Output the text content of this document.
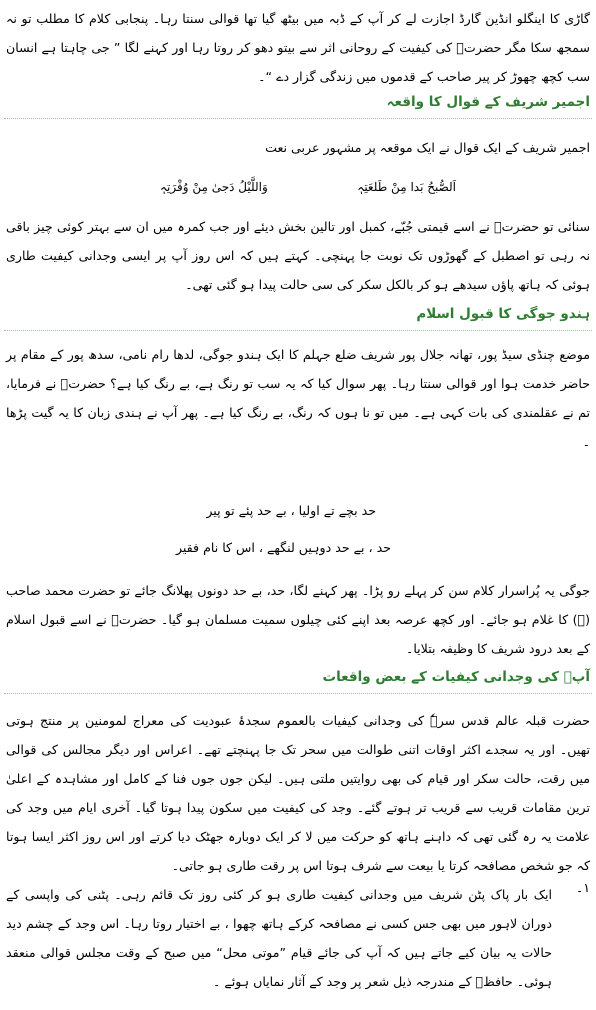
گاڑی کا اینگلو انڈین گارڈ اجازت لے کر آپ کے ڈبہ میں بیٹھ گیا تھا قوالی سنتا رہا۔ پنجابی کلام کا مطلب تو نہ سمجھ سکا مگر حضرتؒ کی کیفیت کے روحانی اثر سے بیتو دھو کر روتا رہا اور کہنے لگا ” جی چاہتا ہے انسان سب کچھ چھوڑ کر پیر صاحب کے قدموں میں زندگی گزار دے “۔

اجمیر شریف کے قوال کا واقعہ
اجمیر شریف کے ایک قوال نے ایک موقعہ پر مشہور عربی نعت
اَلصُّبحُ بَدا مِنْ طَلعَتِہٖ
وَاللَّیْلُ دَجیٰ مِنْ وُفْرَتِہٖ

سنائی تو حضرتؒ نے اسے قیمتی جُبّے، کمبل اور تالین بخش دیئے اور جب کمرہ میں ان سے بہتر کوئی چیز باقی نہ رہی تو اصطبل کے گھوڑوں تک نوبت جا پہنچی۔ کہتے ہیں کہ اس روز آپ پر ایسی وجدانی کیفیت طاری ہوئی کہ ہاتھ پاؤں سیدھے ہو کر بالکل سکر کی سی حالت پیدا ہو گئی تھی۔

ہندو جوگی کا قبول اسلام

موضع چنڈی سیڈ پور، تھانہ جلال پور شریف ضلع جہلم کا ایک ہندو جوگی، لدھا رام نامی، سدھ پور کے مقام پر حاضر خدمت ہوا اور قوالی سنتا رہا۔ پھر سوال کیا کہ یہ سب تو رنگ ہے، بے رنگ کیا ہے؟ حضرتؒ نے فرمایا، تم نے عقلمندی کی بات کہی ہے۔ میں تو نا ہوں کہ رنگ، بے رنگ کیا ہے۔ پھر آپ نے ہندی زبان کا یہ گیت پڑھا ۔

حد بچے تے اولیا ، بے حد پئے تو پیر
حد ، بے حد دوہیں لنگھے ، اس کا نام فقیر

جوگی یہ پُراسرار کلام سن کر پہلے رو پڑا۔ پھر کہنے لگا، حد، بے حد دونوں پھلانگ جائے تو حضرت محمد صاحب (ﷺ) کا غلام ہو جائے۔ اور کچھ عرصہ بعد اپنے کئی چیلوں سمیت مسلمان ہو گیا۔ حضرتؒ نے اسے قبول اسلام کے بعد درود شریف کا وظیفہ بتلایا۔

آپؒ کی وجدانی کیفیات کے بعض واقعات

حضرت قبلہ عالم قدس سرہٗ کی وجدانی کیفیات بالعموم سجدۂ عبودیت کی معراج لمومنین پر منتج ہوتی تھیں۔ اور یہ سجدے اکثر اوقات اتنی طوالت میں سحر تک جا پہنچتے تھے۔ اعراس اور دیگر مجالس کی قوالی میں رقت، حالت سکر اور قیام کی بھی روایتیں ملتی ہیں۔ لیکن جوں جوں فنا کے کامل اور مشاہدہ کے اعلیٰ ترین مقامات قریب سے قریب تر ہوتے گئے۔ وجد کی کیفیت میں سکون پیدا ہوتا گیا۔ آخری ایام میں وجد کی علامت یہ رہ گئی تھی کہ داہنے ہاتھ کو حرکت میں لا کر ایک دوبارہ جھٹک دیا کرتے اور اس روز اکثر ایسا ہوتا کہ جو شخص مصافحہ کرتا یا بیعت سے شرف ہوتا اس پر رقت طاری ہو جاتی۔

۱۔

ایک بار پاک پٹن شریف میں وجدانی کیفیت طاری ہو کر کئی روز تک قائم رہی۔ پٹنی کی واپسی کے دوران لاہور میں بھی جس کسی نے مصافحہ کرکے ہاتھ چھوا ، بے اختیار روتا رہا۔ اس وجد کے چشم دید حالات یہ بیان کیے جاتے ہیں کہ آپ کی جائے قیام ”موتی محل“ میں صبح کے وقت مجلس قوالی منعقد ہوئی۔ حافظؒ کے مندرجہ ذیل شعر پر وجد کے آثار نمایاں ہوئے ۔
